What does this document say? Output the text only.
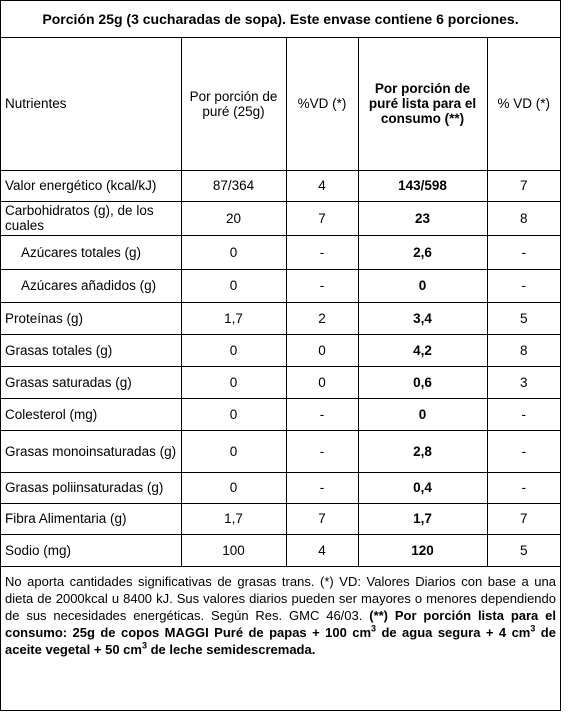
Porción 25g (3 cucharadas de sopa). Este envase contiene 6 porciones.
Nutrientes	Por porción de puré (25g)	%VD (*)	Por porción de puré lista para el consumo (**)	% VD (*)
Valor energético (kcal/kJ)	87/364	4	143/598	7
Carbohidratos (g), de los cuales	20	7	23	8
Azúcares totales (g)	0	-	2,6	-
Azúcares añadidos (g)	0	-	0	-
Proteínas (g)	1,7	2	3,4	5
Grasas totales (g)	0	0	4,2	8
Grasas saturadas (g)	0	0	0,6	3
Colesterol (mg)	0	-	0	-
Grasas monoinsaturadas (g)	0	-	2,8	-
Grasas poliinsaturadas (g)	0	-	0,4	-
Fibra Alimentaria (g)	1,7	7	1,7	7
Sodio (mg)	100	4	120	5
No aporta cantidades significativas de grasas trans. (*) VD: Valores Diarios con base a una dieta de 2000kcal u 8400 kJ. Sus valores diarios pueden ser mayores o menores dependiendo de sus necesidades energéticas. Según Res. GMC 46/03. (**) Por porción lista para el consumo: 25g de copos MAGGI Puré de papas + 100 $cm^3$ de agua segura + 4 $cm^3$ de aceite vegetal + 50 $cm^3$ de leche semidescremada.
